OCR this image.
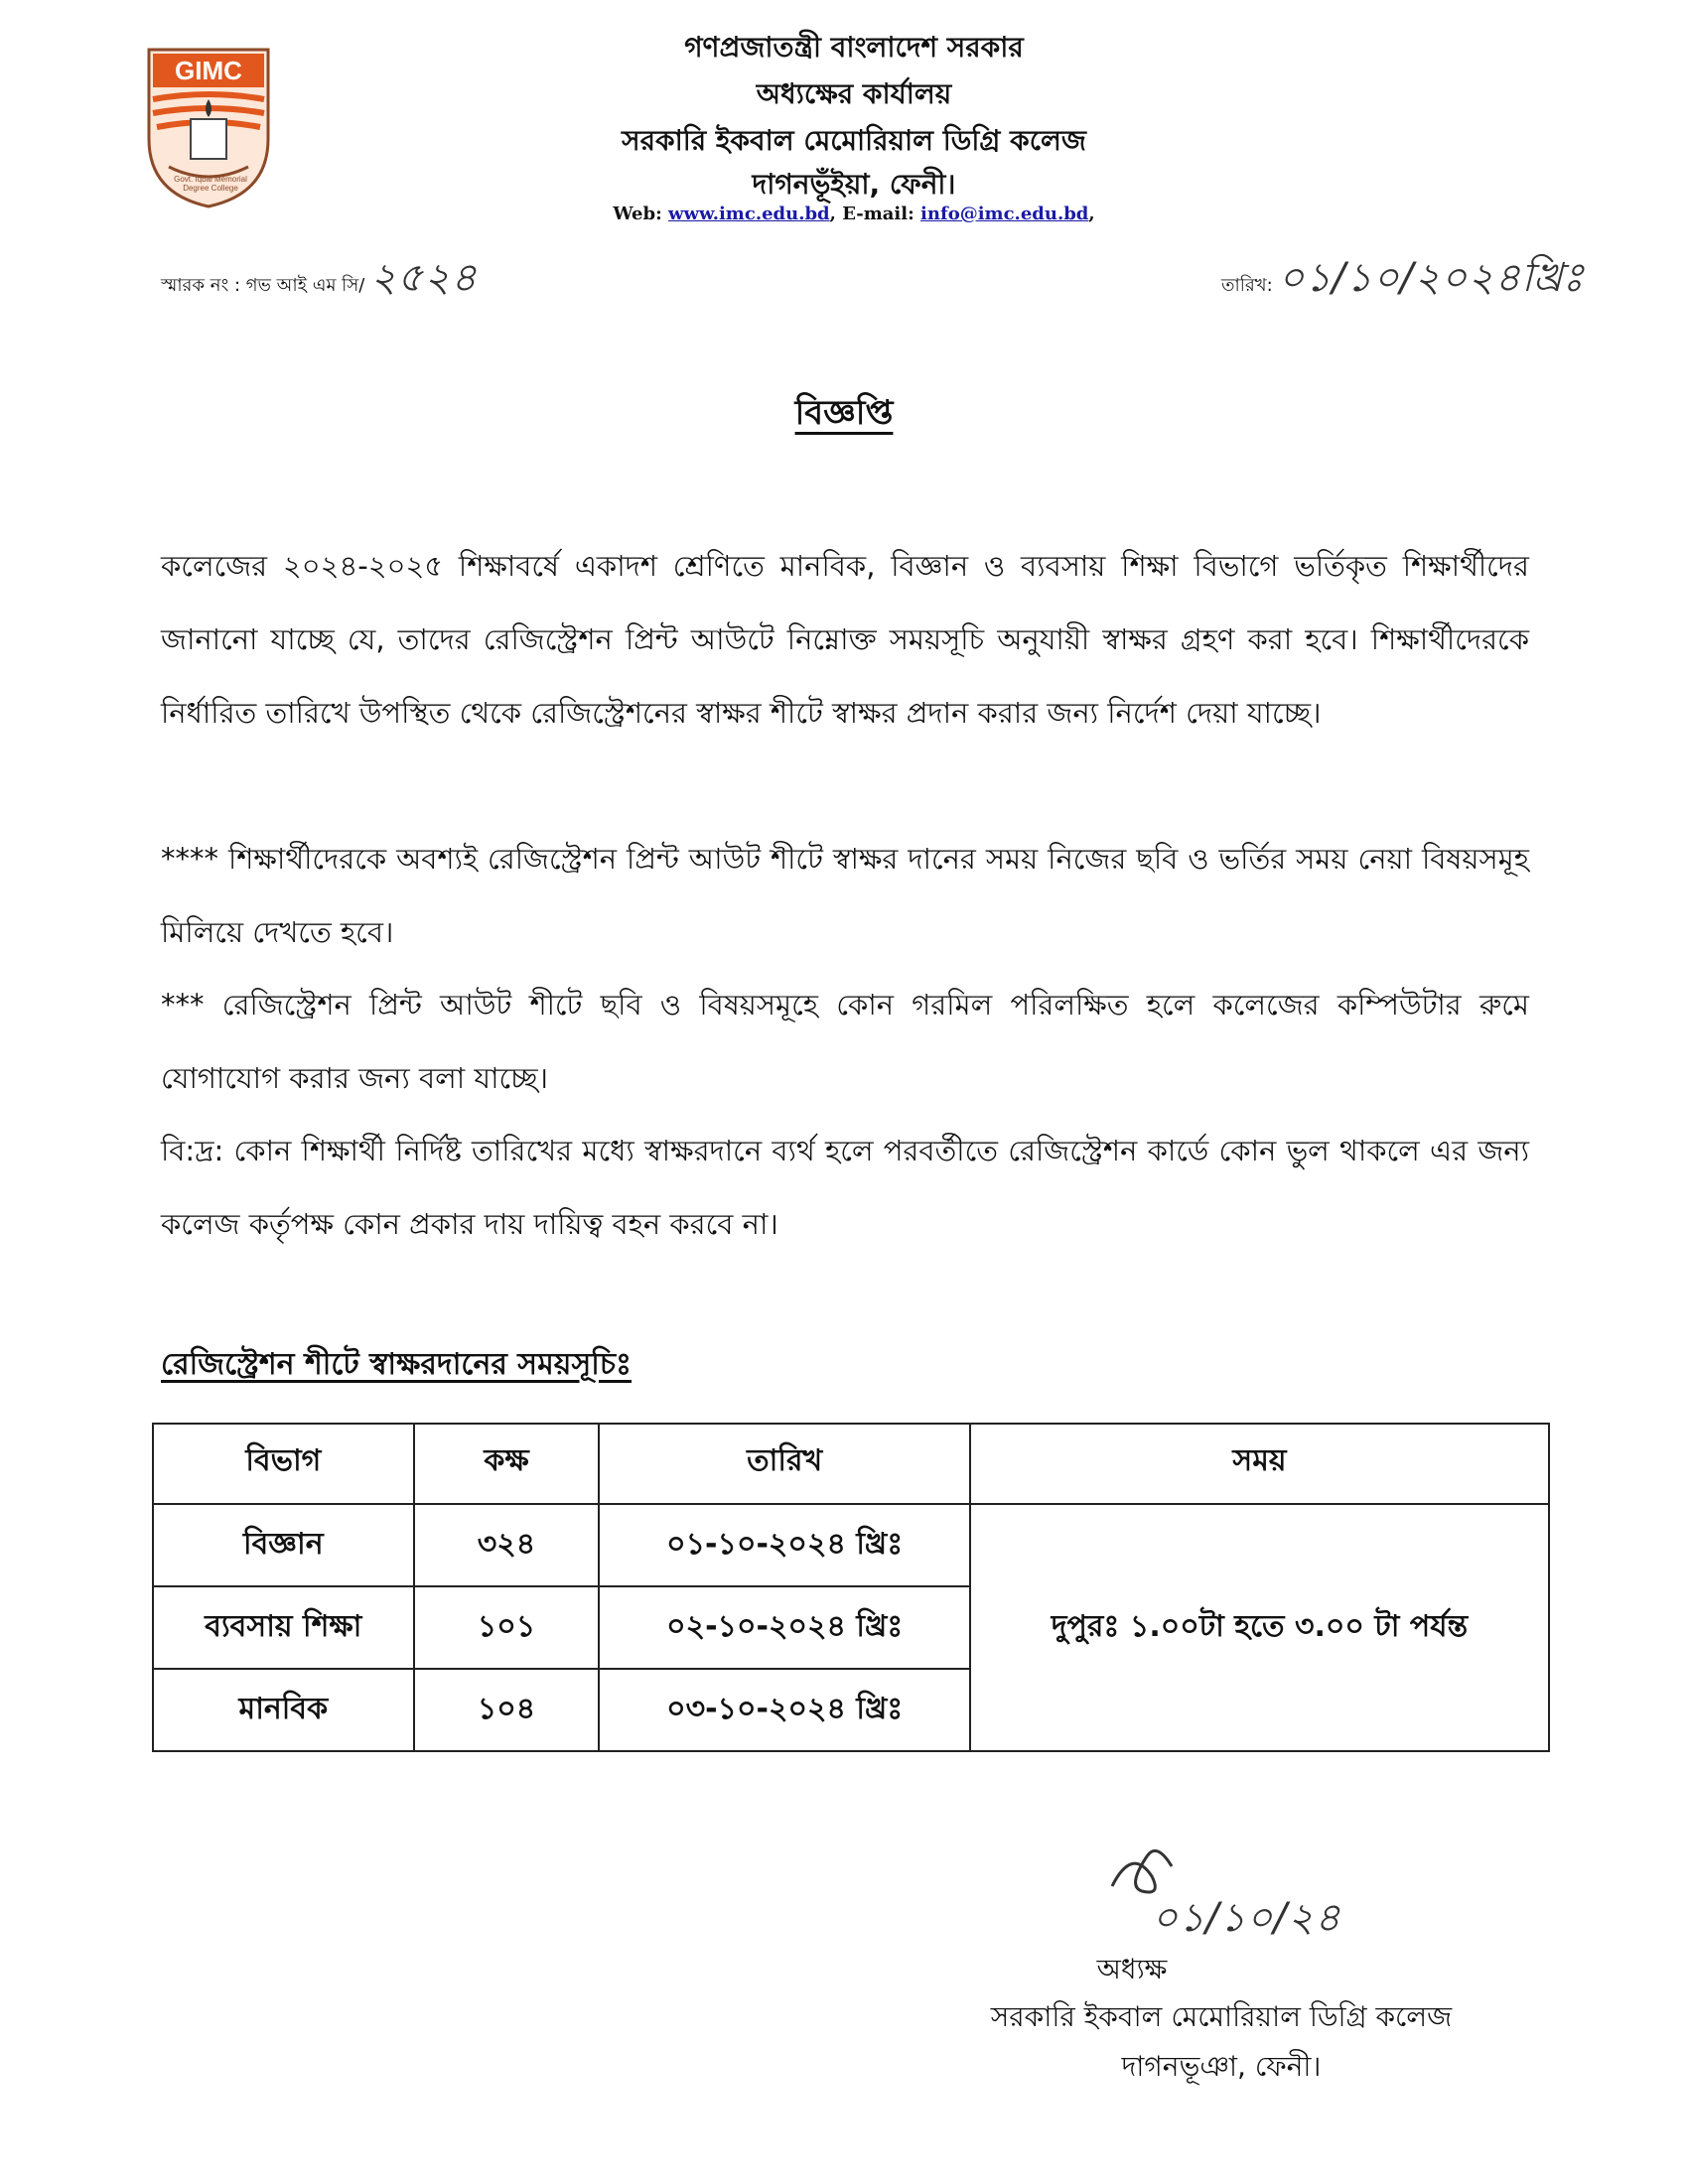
GIMC
Govt. Iqbal Memorial Degree College
গণপ্রজাতন্ত্রী বাংলাদেশ সরকার
অধ্যক্ষের কার্যালয়
সরকারি ইকবাল মেমোরিয়াল ডিগ্রি কলেজ
দাগনভূঁইয়া, ফেনী।
Web: www.imc.edu.bd, E-mail: info@imc.edu.bd,
স্মারক নং : গভ আই এম সি/ ২৫২৪	তারিখ: ০১/১০/২০২৪খ্রিঃ
বিজ্ঞপ্তি
কলেজের ২০২৪-২০২৫ শিক্ষাবর্ষে একাদশ শ্রেণিতে মানবিক, বিজ্ঞান ও ব্যবসায় শিক্ষা বিভাগে ভর্তিকৃত শিক্ষার্থীদের জানানো যাচ্ছে যে, তাদের রেজিস্ট্রেশন প্রিন্ট আউটে নিম্নোক্ত সময়সূচি অনুযায়ী স্বাক্ষর গ্রহণ করা হবে। শিক্ষার্থীদেরকে নির্ধারিত তারিখে উপস্থিত থেকে রেজিস্ট্রেশনের স্বাক্ষর শীটে স্বাক্ষর প্রদান করার জন্য নির্দেশ দেয়া যাচ্ছে।
**** শিক্ষার্থীদেরকে অবশ্যই রেজিস্ট্রেশন প্রিন্ট আউট শীটে স্বাক্ষর দানের সময় নিজের ছবি ও ভর্তির সময় নেয়া বিষয়সমূহ মিলিয়ে দেখতে হবে।
*** রেজিস্ট্রেশন প্রিন্ট আউট শীটে ছবি ও বিষয়সমূহে কোন গরমিল পরিলক্ষিত হলে কলেজের কম্পিউটার রুমে যোগাযোগ করার জন্য বলা যাচ্ছে।
বি:দ্র: কোন শিক্ষার্থী নির্দিষ্ট তারিখের মধ্যে স্বাক্ষরদানে ব্যর্থ হলে পরবর্তীতে রেজিস্ট্রেশন কার্ডে কোন ভুল থাকলে এর জন্য কলেজ কর্তৃপক্ষ কোন প্রকার দায় দায়িত্ব বহন করবে না।
রেজিস্ট্রেশন শীটে স্বাক্ষরদানের সময়সূচিঃ
বিভাগ	কক্ষ	তারিখ	সময়
বিজ্ঞান	৩২৪	০১-১০-২০২৪ খ্রিঃ	দুপুরঃ ১.০০টা হতে ৩.০০ টা পর্যন্ত
ব্যবসায় শিক্ষা	১০১	০২-১০-২০২৪ খ্রিঃ	
মানবিক	১০৪	০৩-১০-২০২৪ খ্রিঃ	
০১/১০/২৪
অধ্যক্ষ
সরকারি ইকবাল মেমোরিয়াল ডিগ্রি কলেজ
দাগনভূঞা, ফেনী।
